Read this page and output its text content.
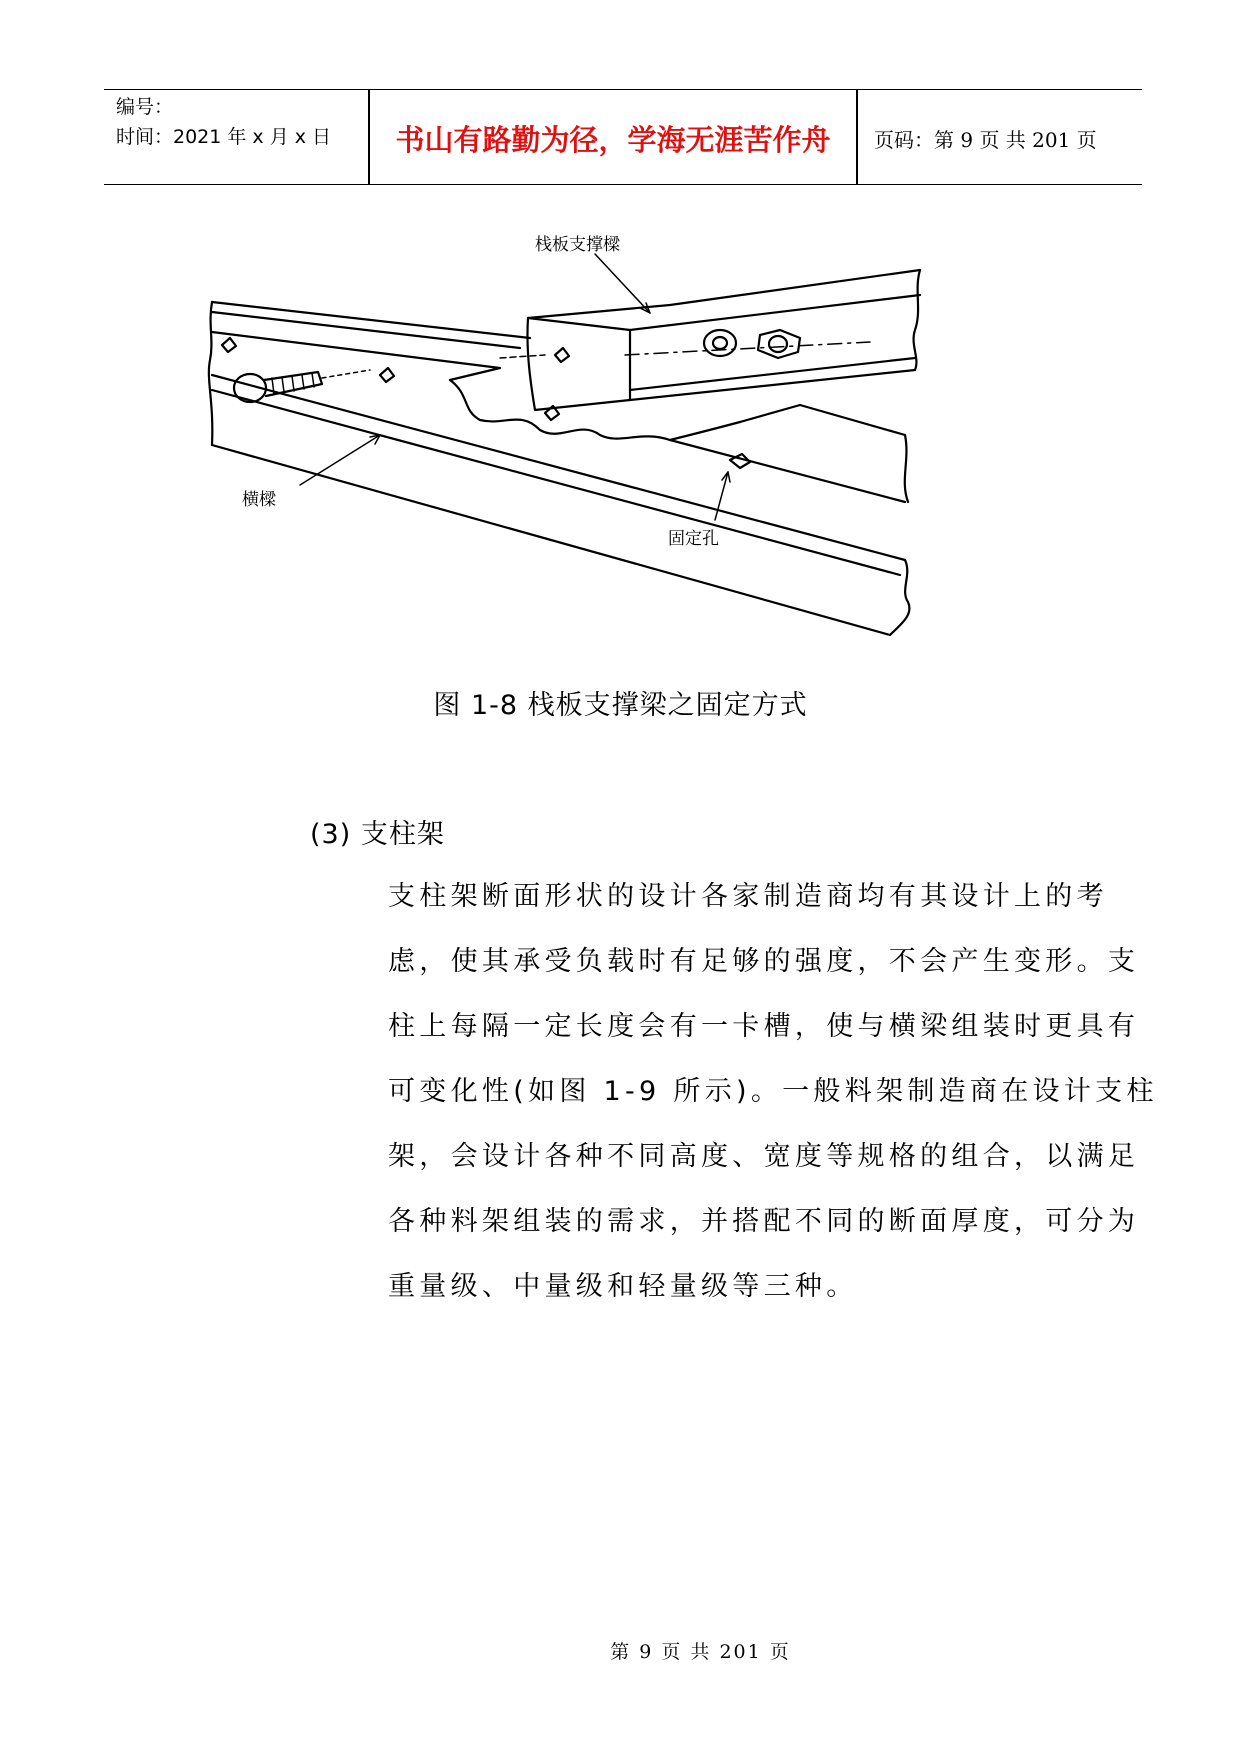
编号：
时间：2021 年 x 月 x 日	书山有路勤为径，学海无涯苦作舟	页码：第 9 页 共 201 页
栈板支撑樑
横樑
固定孔
图 1-8 栈板支撑梁之固定方式
(3) 支柱架
支柱架断面形状的设计各家制造商均有其设计上的考
虑，使其承受负载时有足够的强度，不会产生变形。支
柱上每隔一定长度会有一卡槽，使与横梁组装时更具有
可变化性(如图 1-9 所示)。一般料架制造商在设计支柱
架，会设计各种不同高度、宽度等规格的组合，以满足
各种料架组装的需求，并搭配不同的断面厚度，可分为
重量级、中量级和轻量级等三种。
第 9 页 共 201 页
